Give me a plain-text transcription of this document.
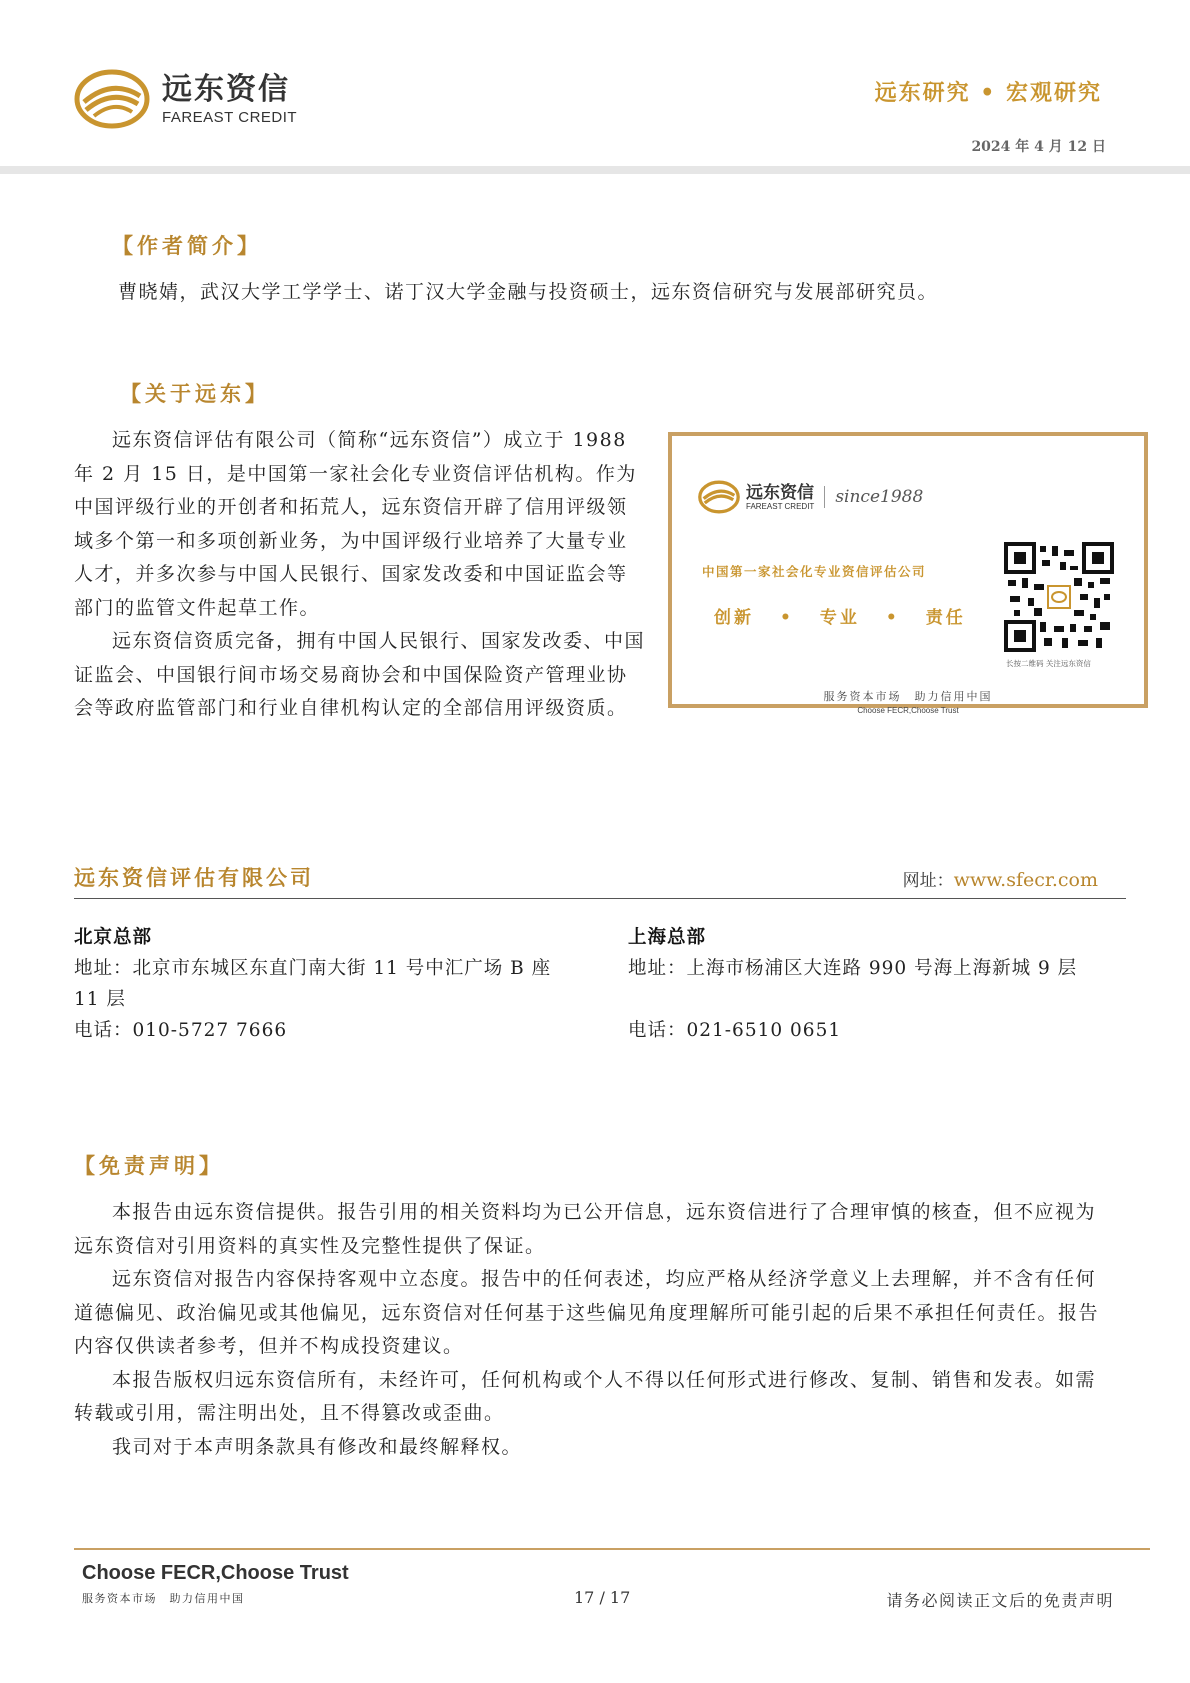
远东资信
FAREAST CREDIT
远东研究 • 宏观研究
2024 年 4 月 12 日
【作者简介】
曹晓婧，武汉大学工学学士、诺丁汉大学金融与投资硕士，远东资信研究与发展部研究员。
【关于远东】

远东资信评估有限公司（简称“远东资信”）成立于 1988 年 2 月 15 日，是中国第一家社会化专业资信评估机构。作为中国评级行业的开创者和拓荒人，远东资信开辟了信用评级领域多个第一和多项创新业务，为中国评级行业培养了大量专业人才，并多次参与中国人民银行、国家发改委和中国证监会等部门的监管文件起草工作。

远东资信资质完备，拥有中国人民银行、国家发改委、中国证监会、中国银行间市场交易商协会和中国保险资产管理业协会等政府监管部门和行业自律机构认定的全部信用评级资质。

远东资信
FAREAST CREDIT since1988
中国第一家社会化专业资信评估公司
创新 • 专业 • 责任
长按二维码 关注远东资信
服务资本市场　助力信用中国
Choose FECR,Choose Trust
远东资信评估有限公司	网址：www.sfecr.com
北京总部
地址：北京市东城区东直门南大街 11 号中汇广场 B 座 11 层
电话：010-5727 7666
上海总部
地址：上海市杨浦区大连路 990 号海上海新城 9 层
电话：021-6510 0651
【免责声明】

本报告由远东资信提供。报告引用的相关资料均为已公开信息，远东资信进行了合理审慎的核查，但不应视为远东资信对引用资料的真实性及完整性提供了保证。

远东资信对报告内容保持客观中立态度。报告中的任何表述，均应严格从经济学意义上去理解，并不含有任何道德偏见、政治偏见或其他偏见，远东资信对任何基于这些偏见角度理解所可能引起的后果不承担任何责任。报告内容仅供读者参考，但并不构成投资建议。

本报告版权归远东资信所有，未经许可，任何机构或个人不得以任何形式进行修改、复制、销售和发表。如需转载或引用，需注明出处，且不得篡改或歪曲。

我司对于本声明条款具有修改和最终解释权。

Choose FECR,Choose Trust
服务资本市场　助力信用中国	17 / 17	请务必阅读正文后的免责声明
